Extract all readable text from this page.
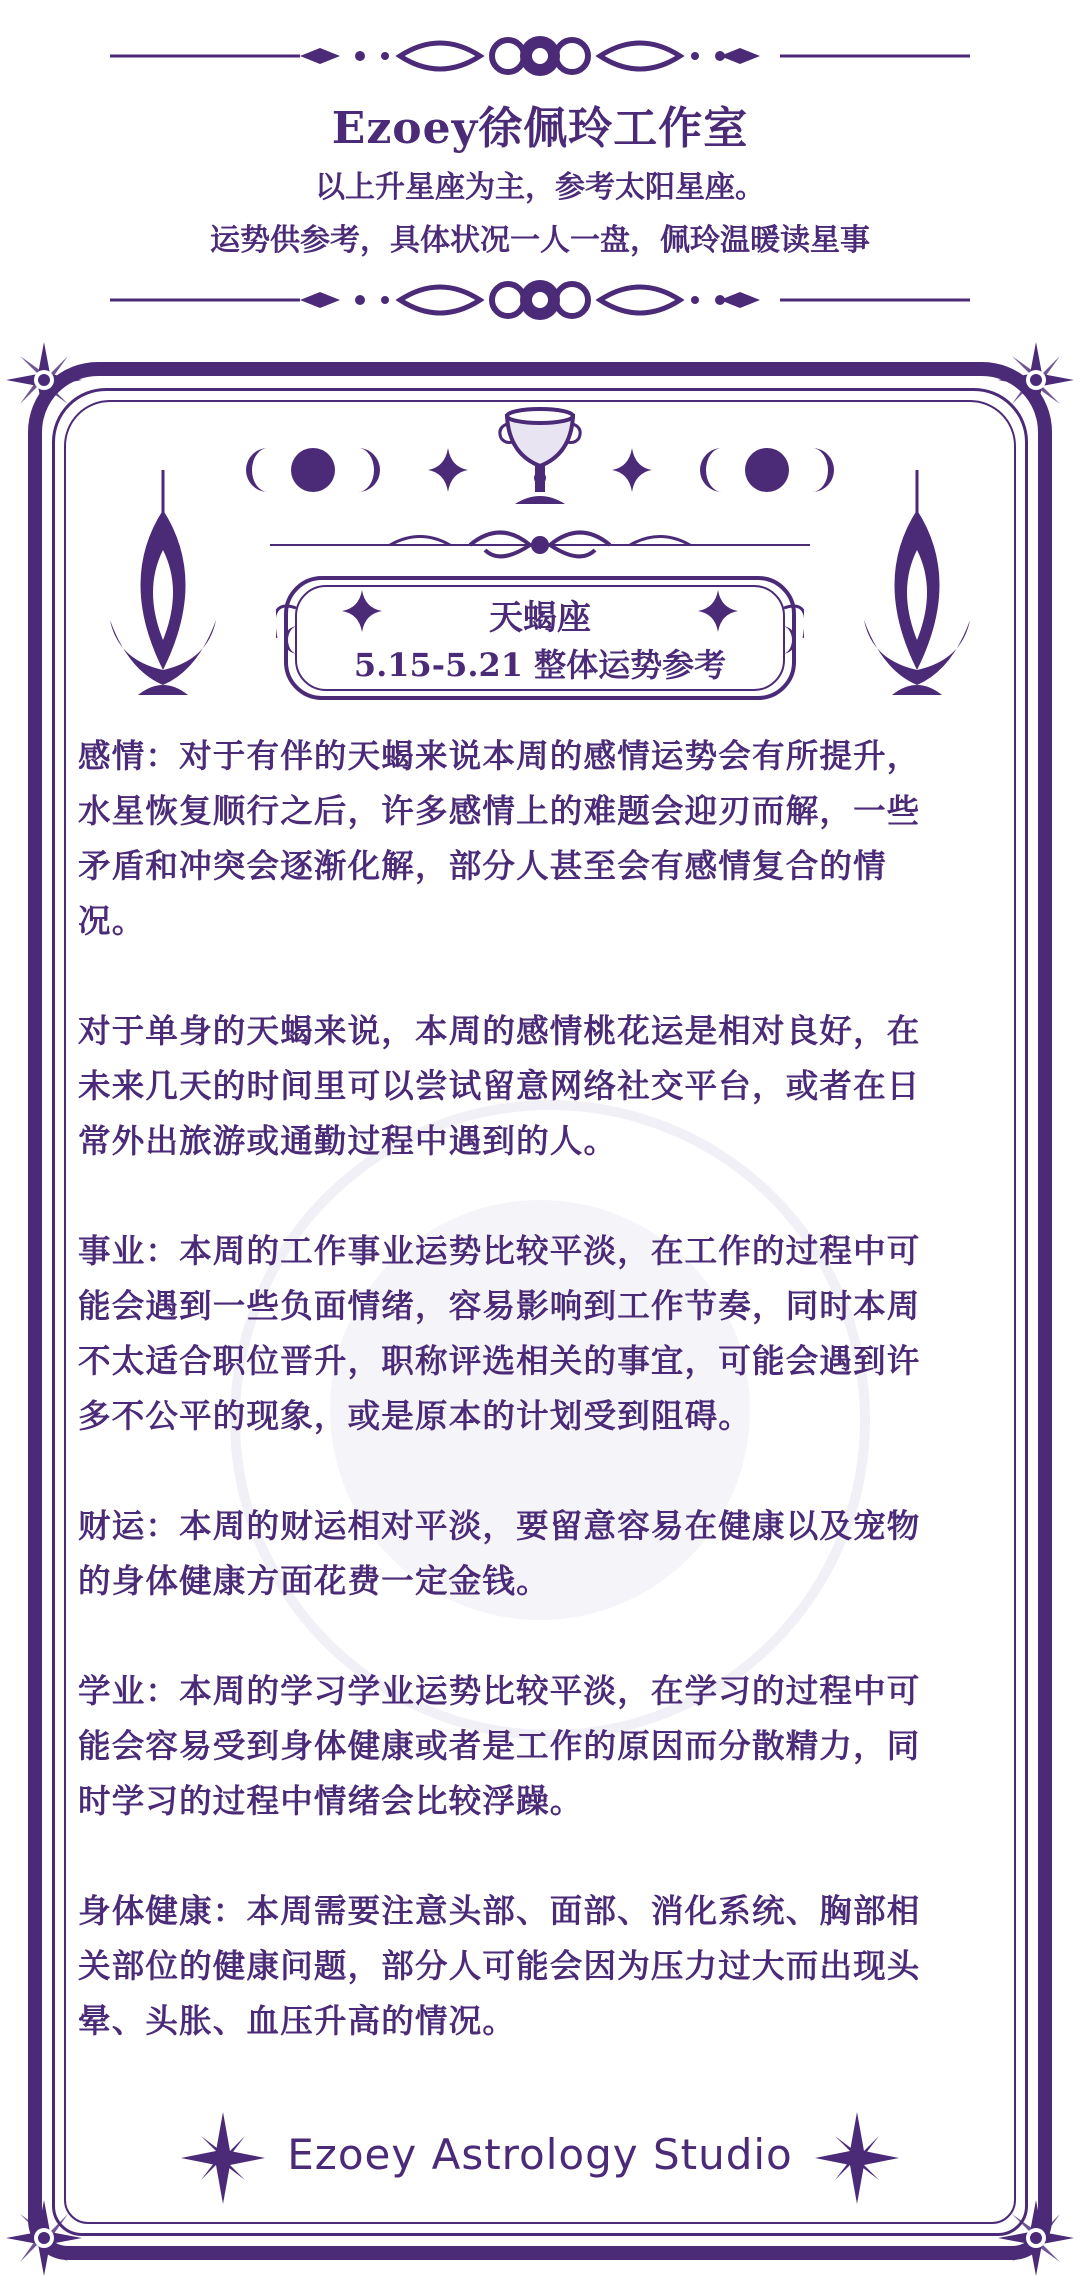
Ezoey徐佩玲工作室
以上升星座为主，参考太阳星座。
运势供参考，具体状况一人一盘，佩玲温暖读星事
天蝎座
5.15-5.21 整体运势参考

感情：对于有伴的天蝎来说本周的感情运势会有所提升，水星恢复顺行之后，许多感情上的难题会迎刃而解，一些矛盾和冲突会逐渐化解，部分人甚至会有感情复合的情况。

对于单身的天蝎来说，本周的感情桃花运是相对良好，在未来几天的时间里可以尝试留意网络社交平台，或者在日常外出旅游或通勤过程中遇到的人。

事业：本周的工作事业运势比较平淡，在工作的过程中可能会遇到一些负面情绪，容易影响到工作节奏，同时本周不太适合职位晋升，职称评选相关的事宜，可能会遇到许多不公平的现象，或是原本的计划受到阻碍。

财运：本周的财运相对平淡，要留意容易在健康以及宠物的身体健康方面花费一定金钱。

学业：本周的学习学业运势比较平淡，在学习的过程中可能会容易受到身体健康或者是工作的原因而分散精力，同时学习的过程中情绪会比较浮躁。

身体健康：本周需要注意头部、面部、消化系统、胸部相关部位的健康问题，部分人可能会因为压力过大而出现头晕、头胀、血压升高的情况。

Ezoey Astrology Studio
